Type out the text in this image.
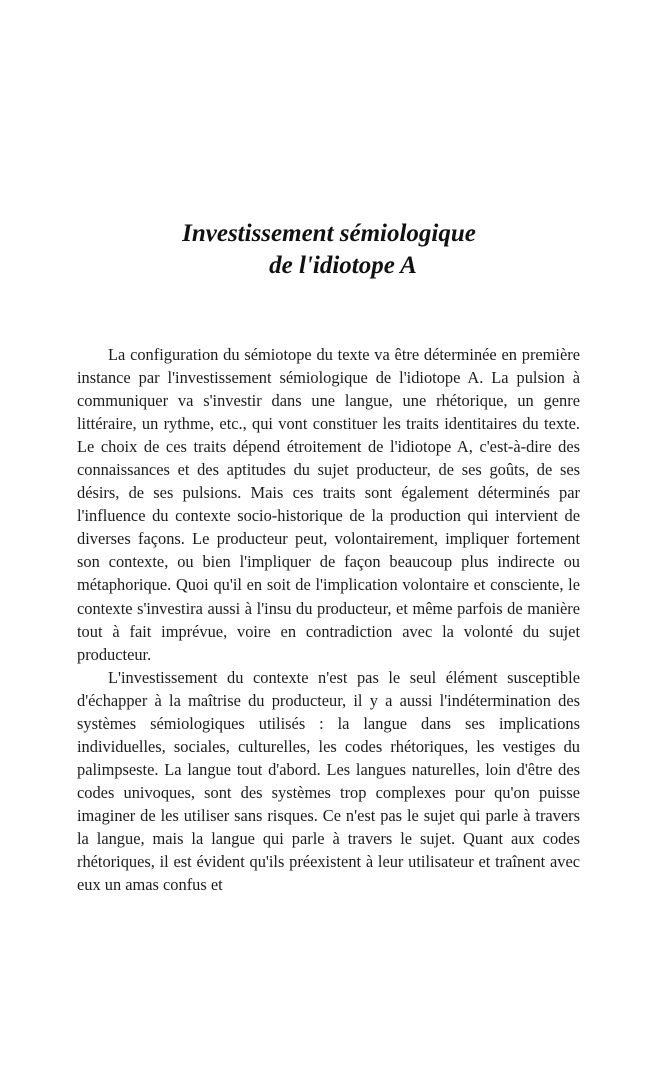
Investissement sémiologique
de l'idiotope A

La configuration du sémiotope du texte va être déterminée en première instance par l'investissement sémiologique de l'idiotope A. La pulsion à communiquer va s'investir dans une langue, une rhétorique, un genre littéraire, un rythme, etc., qui vont constituer les traits identitaires du texte. Le choix de ces traits dépend étroitement de l'idiotope A, c'est-à-dire des connaissances et des aptitudes du sujet producteur, de ses goûts, de ses désirs, de ses pulsions. Mais ces traits sont également déterminés par l'influence du contexte socio-historique de la production qui intervient de diverses façons. Le producteur peut, volontairement, impliquer fortement son contexte, ou bien l'impliquer de façon beaucoup plus indirecte ou métaphorique. Quoi qu'il en soit de l'implication volontaire et consciente, le contexte s'investira aussi à l'insu du producteur, et même parfois de manière tout à fait imprévue, voire en contradiction avec la volonté du sujet producteur.

L'investissement du contexte n'est pas le seul élément susceptible d'échapper à la maîtrise du producteur, il y a aussi l'indétermination des systèmes sémiologiques utilisés : la langue dans ses implications individuelles, sociales, culturelles, les codes rhétoriques, les vestiges du palimpseste. La langue tout d'abord. Les langues naturelles, loin d'être des codes univoques, sont des systèmes trop complexes pour qu'on puisse imaginer de les utiliser sans risques. Ce n'est pas le sujet qui parle à travers la langue, mais la langue qui parle à travers le sujet. Quant aux codes rhétoriques, il est évident qu'ils préexistent à leur utilisateur et traînent avec eux un amas confus et
